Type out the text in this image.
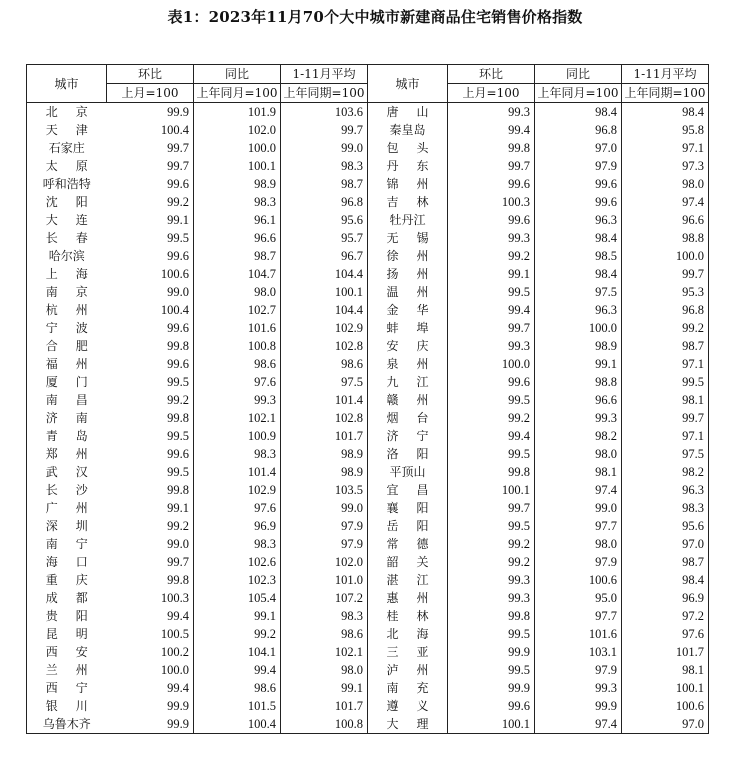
表1：2023年11月70个大中城市新建商品住宅销售价格指数
城市	环比	同比	1-11月平均	城市	环比	同比	1-11月平均
	上月=100	上年同月=100	上年同期=100		上月=100	上年同月=100	上年同期=100
北京	99.9	101.9	103.6	唐山	99.3	98.4	98.4
天津	100.4	102.0	99.7	秦皇岛	99.4	96.8	95.8
石家庄	99.7	100.0	99.0	包头	99.8	97.0	97.1
太原	99.7	100.1	98.3	丹东	99.7	97.9	97.3
呼和浩特	99.6	98.9	98.7	锦州	99.6	99.6	98.0
沈阳	99.2	98.3	96.8	吉林	100.3	99.6	97.4
大连	99.1	96.1	95.6	牡丹江	99.6	96.3	96.6
长春	99.5	96.6	95.7	无锡	99.3	98.4	98.8
哈尔滨	99.6	98.7	96.7	徐州	99.2	98.5	100.0
上海	100.6	104.7	104.4	扬州	99.1	98.4	99.7
南京	99.0	98.0	100.1	温州	99.5	97.5	95.3
杭州	100.4	102.7	104.4	金华	99.4	96.3	96.8
宁波	99.6	101.6	102.9	蚌埠	99.7	100.0	99.2
合肥	99.8	100.8	102.8	安庆	99.3	98.9	98.7
福州	99.6	98.6	98.6	泉州	100.0	99.1	97.1
厦门	99.5	97.6	97.5	九江	99.6	98.8	99.5
南昌	99.2	99.3	101.4	赣州	99.5	96.6	98.1
济南	99.8	102.1	102.8	烟台	99.2	99.3	99.7
青岛	99.5	100.9	101.7	济宁	99.4	98.2	97.1
郑州	99.6	98.3	98.9	洛阳	99.5	98.0	97.5
武汉	99.5	101.4	98.9	平顶山	99.8	98.1	98.2
长沙	99.8	102.9	103.5	宜昌	100.1	97.4	96.3
广州	99.1	97.6	99.0	襄阳	99.7	99.0	98.3
深圳	99.2	96.9	97.9	岳阳	99.5	97.7	95.6
南宁	99.0	98.3	97.9	常德	99.2	98.0	97.0
海口	99.7	102.6	102.0	韶关	99.2	97.9	98.7
重庆	99.8	102.3	101.0	湛江	99.3	100.6	98.4
成都	100.3	105.4	107.2	惠州	99.3	95.0	96.9
贵阳	99.4	99.1	98.3	桂林	99.8	97.7	97.2
昆明	100.5	99.2	98.6	北海	99.5	101.6	97.6
西安	100.2	104.1	102.1	三亚	99.9	103.1	101.7
兰州	100.0	99.4	98.0	泸州	99.5	97.9	98.1
西宁	99.4	98.6	99.1	南充	99.9	99.3	100.1
银川	99.9	101.5	101.7	遵义	99.6	99.9	100.6
乌鲁木齐	99.9	100.4	100.8	大理	100.1	97.4	97.0
